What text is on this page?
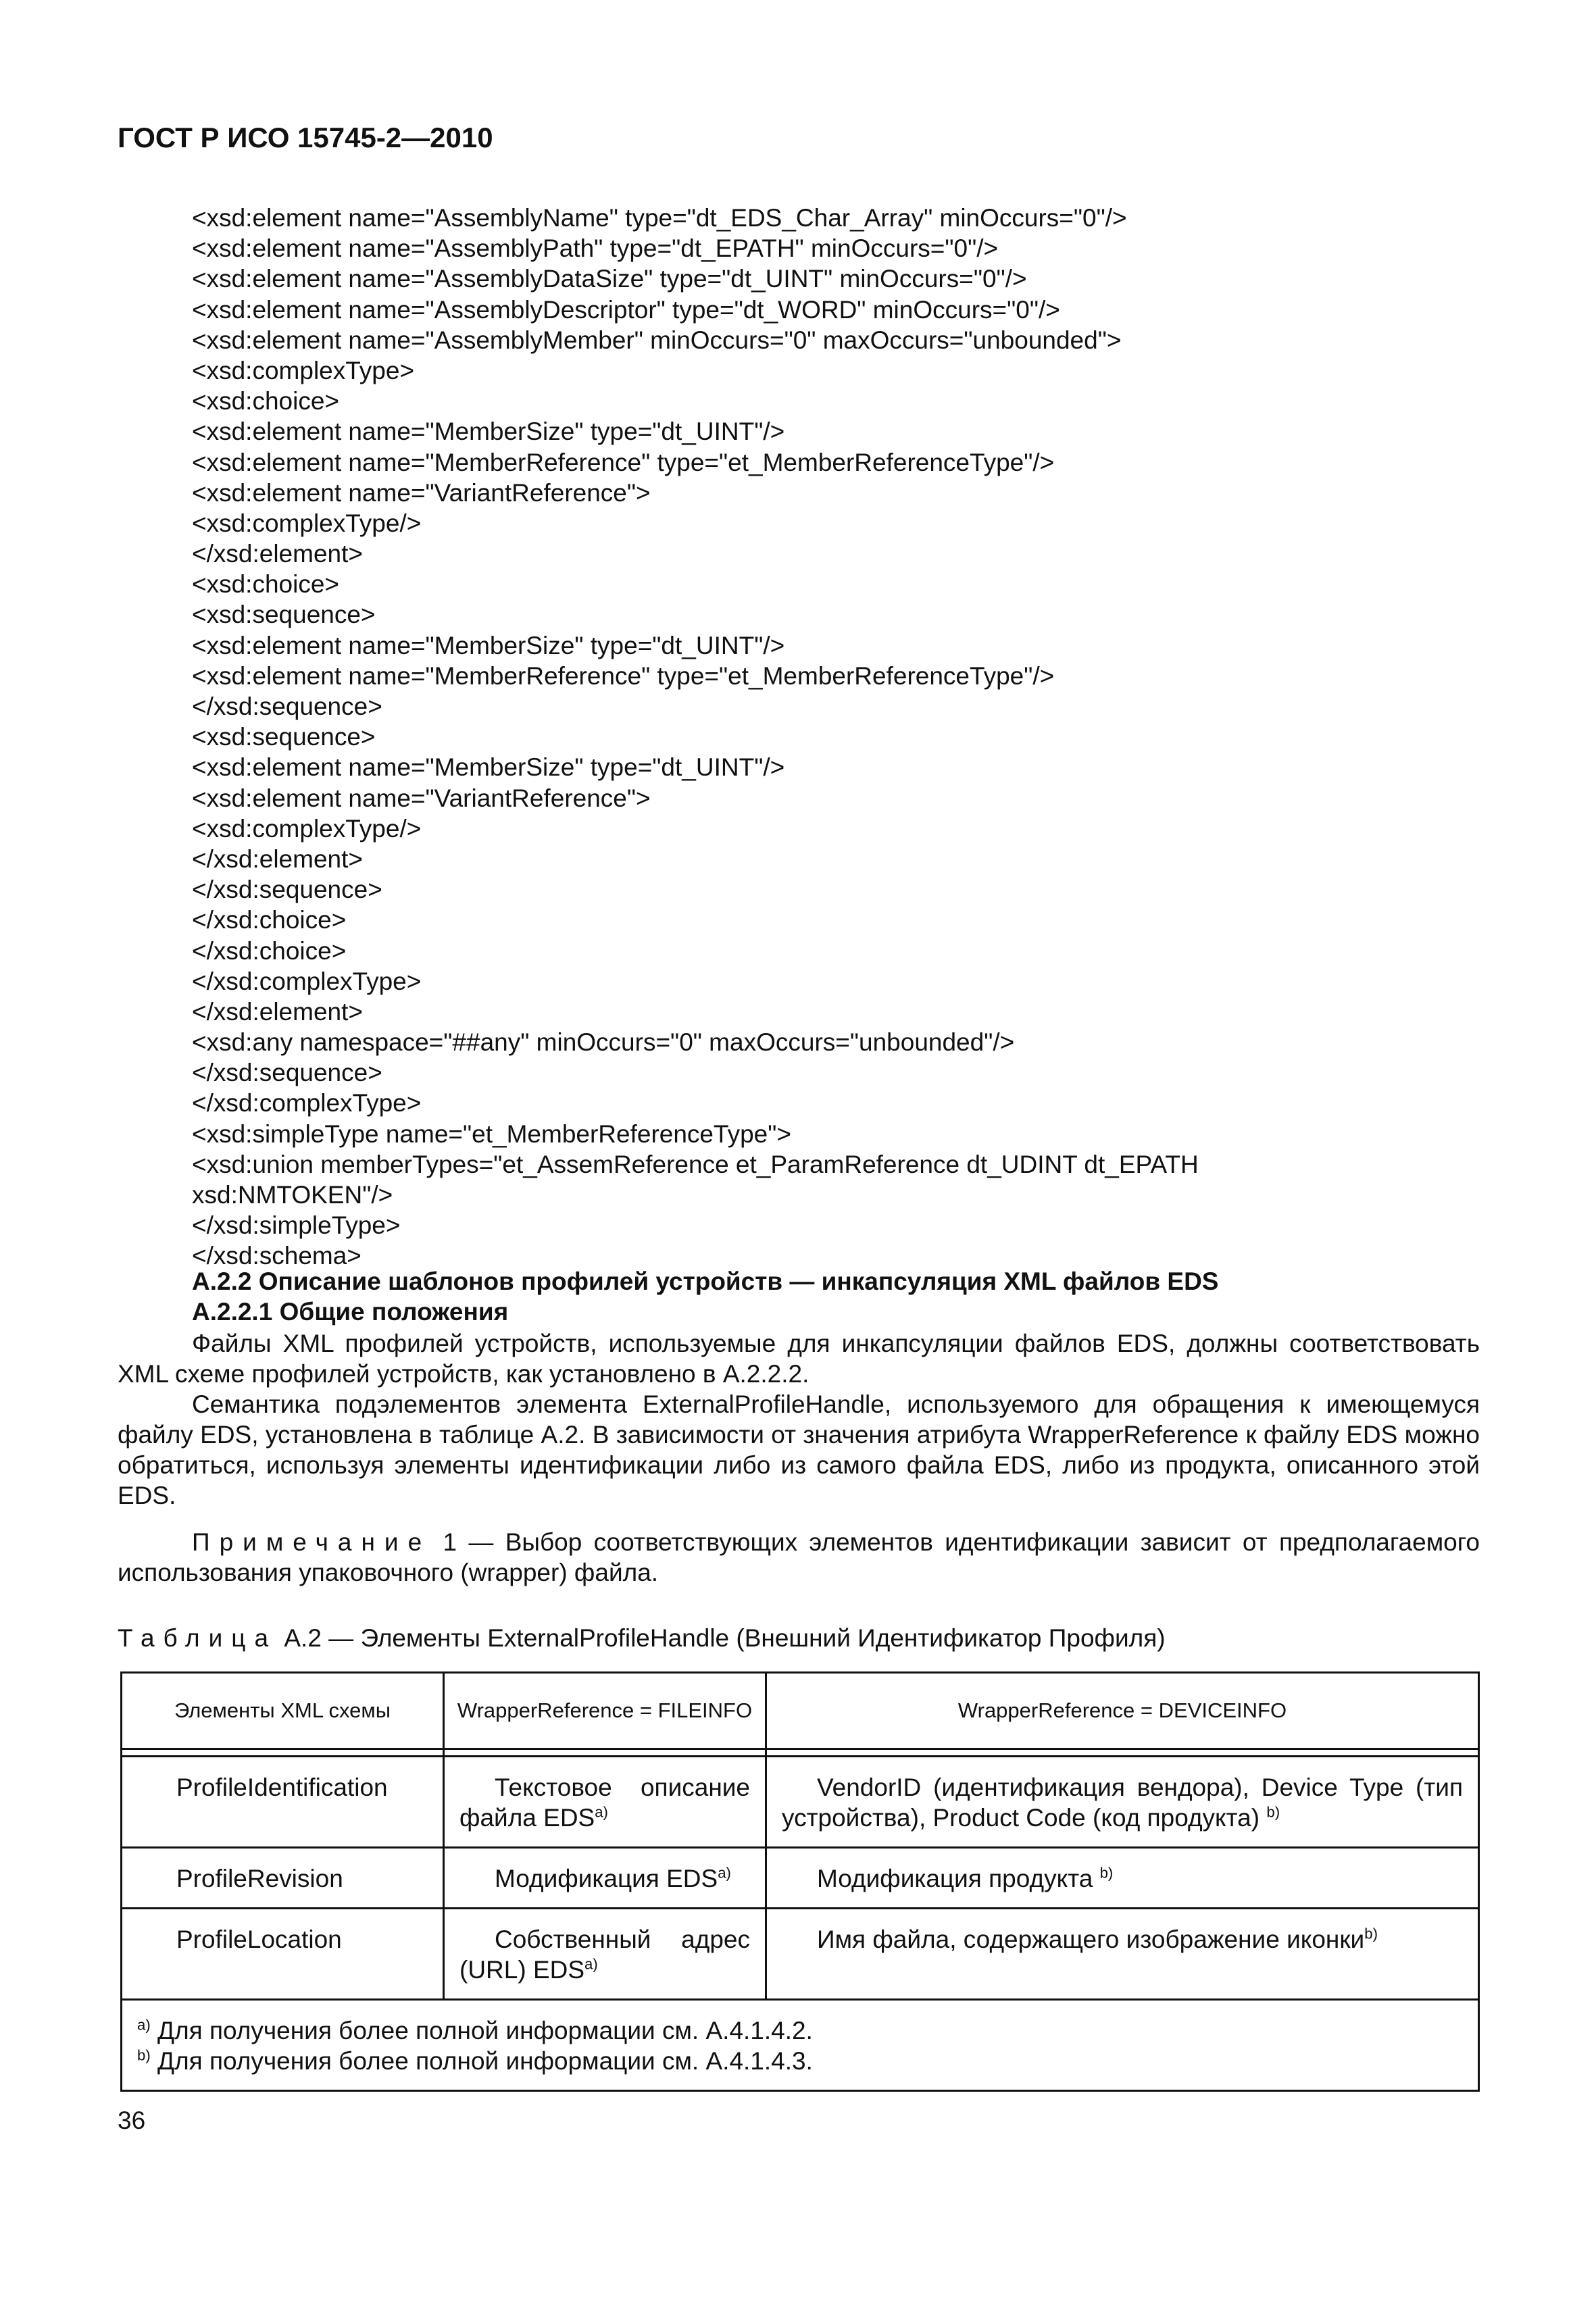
ГОСТ Р ИСО 15745-2—2010
<xsd:element name="AssemblyName" type="dt_EDS_Char_Array" minOccurs="0"/>
<xsd:element name="AssemblyPath" type="dt_EPATH" minOccurs="0"/>
<xsd:element name="AssemblyDataSize" type="dt_UINT" minOccurs="0"/>
<xsd:element name="AssemblyDescriptor" type="dt_WORD" minOccurs="0"/>
<xsd:element name="AssemblyMember" minOccurs="0" maxOccurs="unbounded">
<xsd:complexType>
<xsd:choice>
<xsd:element name="MemberSize" type="dt_UINT"/>
<xsd:element name="MemberReference" type="et_MemberReferenceType"/>
<xsd:element name="VariantReference">
<xsd:complexType/>
</xsd:element>
<xsd:choice>
<xsd:sequence>
<xsd:element name="MemberSize" type="dt_UINT"/>
<xsd:element name="MemberReference" type="et_MemberReferenceType"/>
</xsd:sequence>
<xsd:sequence>
<xsd:element name="MemberSize" type="dt_UINT"/>
<xsd:element name="VariantReference">
<xsd:complexType/>
</xsd:element>
</xsd:sequence>
</xsd:choice>
</xsd:choice>
</xsd:complexType>
</xsd:element>
<xsd:any namespace="##any" minOccurs="0" maxOccurs="unbounded"/>
</xsd:sequence>
</xsd:complexType>
<xsd:simpleType name="et_MemberReferenceType">
<xsd:union memberTypes="et_AssemReference et_ParamReference dt_UDINT dt_EPATH
xsd:NMTOKEN"/>
</xsd:simpleType>
</xsd:schema>
A.2.2 Описание шаблонов профилей устройств — инкапсуляция XML файлов EDS
A.2.2.1 Общие положения
Файлы XML профилей устройств, используемые для инкапсуляции файлов EDS, должны соответствовать XML схеме профилей устройств, как установлено в A.2.2.2.
Семантика подэлементов элемента ExternalProfileHandle, используемого для обращения к имеющемуся файлу EDS, установлена в таблице A.2. В зависимости от значения атрибута WrapperReference к файлу EDS можно обратиться, используя элементы идентификации либо из самого файла EDS, либо из продукта, описанного этой EDS.
Примечание 1 — Выбор соответствующих элементов идентификации зависит от предполагаемого использования упаковочного (wrapper) файла.
Таблица A.2 — Элементы ExternalProfileHandle (Внешний Идентификатор Профиля)
Элементы XML схемы	WrapperReference = FILEINFO	WrapperReference = DEVICEINFO

ProfileIdentification	Текстовое описание файла EDS$^{a)}$	VendorID (идентификация вендора), Device Type (тип устройства), Product Code (код продукта) $^{b)}$

ProfileRevision	Модификация EDS$^{a)}$	Модификация продукта $^{b)}$

ProfileLocation	Собственный адрес (URL) EDS$^{a)}$	Имя файла, содержащего изображение иконки$^{b)}$

$^{a)}$ Для получения более полной информации см. A.4.1.4.2.
$^{b)}$ Для получения более полной информации см. A.4.1.4.3.		
36
